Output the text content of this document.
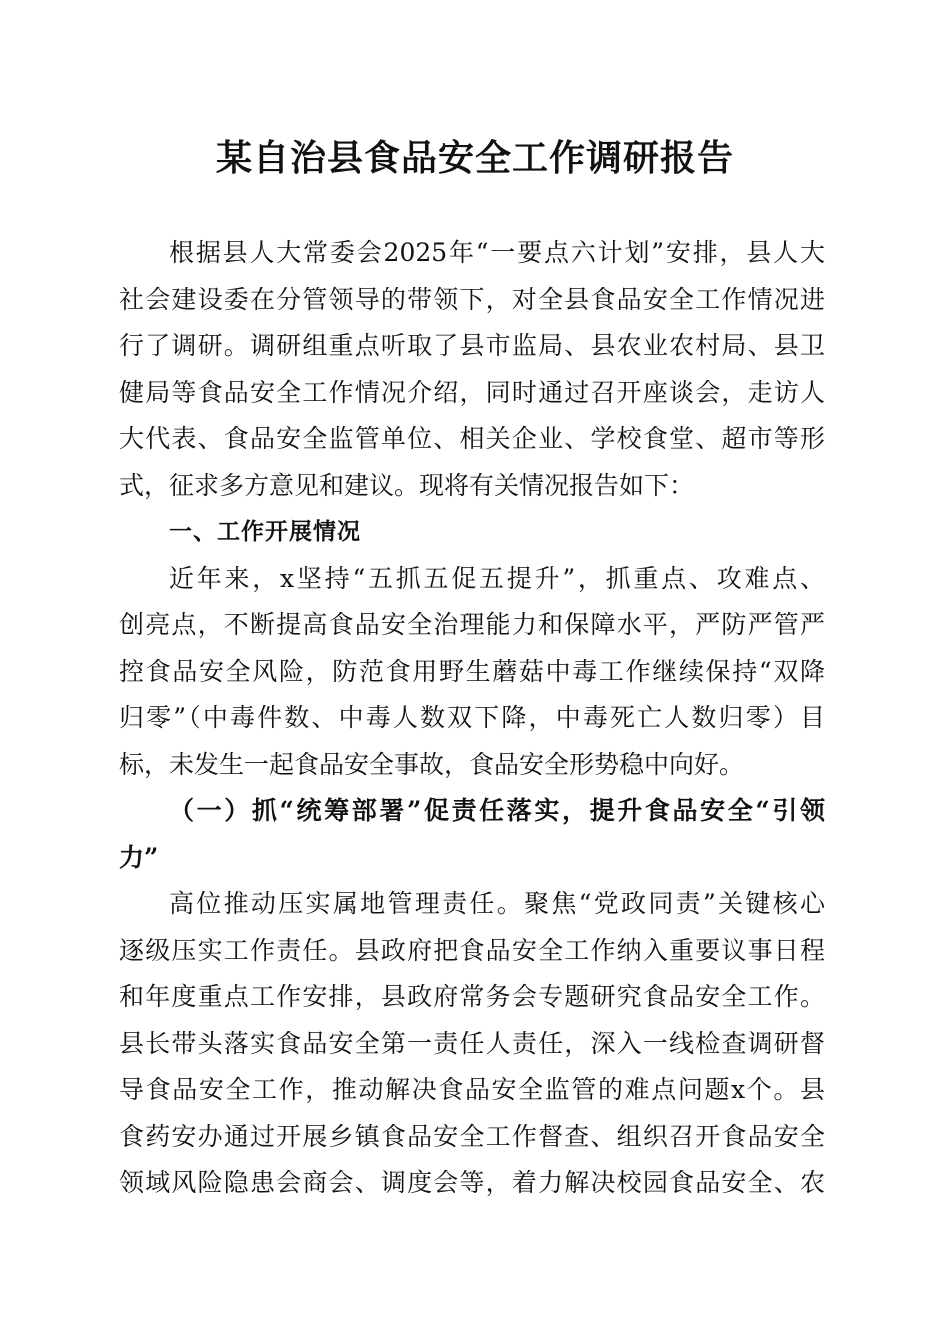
某自治县食品安全工作调研报告
根据县人大常委会2025年“一要点六计划”安排，县人大
社会建设委在分管领导的带领下，对全县食品安全工作情况进
行了调研。调研组重点听取了县市监局、县农业农村局、县卫
健局等食品安全工作情况介绍，同时通过召开座谈会，走访人
大代表、食品安全监管单位、相关企业、学校食堂、超市等形
式，征求多方意见和建议。现将有关情况报告如下：
一、工作开展情况
近年来，x坚持“五抓五促五提升”，抓重点、攻难点、
创亮点，不断提高食品安全治理能力和保障水平，严防严管严
控食品安全风险，防范食用野生蘑菇中毒工作继续保持“双降
归零”（中毒件数、中毒人数双下降，中毒死亡人数归零）目
标，未发生一起食品安全事故，食品安全形势稳中向好。
（一）抓“统筹部署”促责任落实，提升食品安全“引领
力”
高位推动压实属地管理责任。聚焦“党政同责”关键核心
逐级压实工作责任。县政府把食品安全工作纳入重要议事日程
和年度重点工作安排，县政府常务会专题研究食品安全工作。
县长带头落实食品安全第一责任人责任，深入一线检查调研督
导食品安全工作，推动解决食品安全监管的难点问题x个。县
食药安办通过开展乡镇食品安全工作督查、组织召开食品安全
领域风险隐患会商会、调度会等，着力解决校园食品安全、农
